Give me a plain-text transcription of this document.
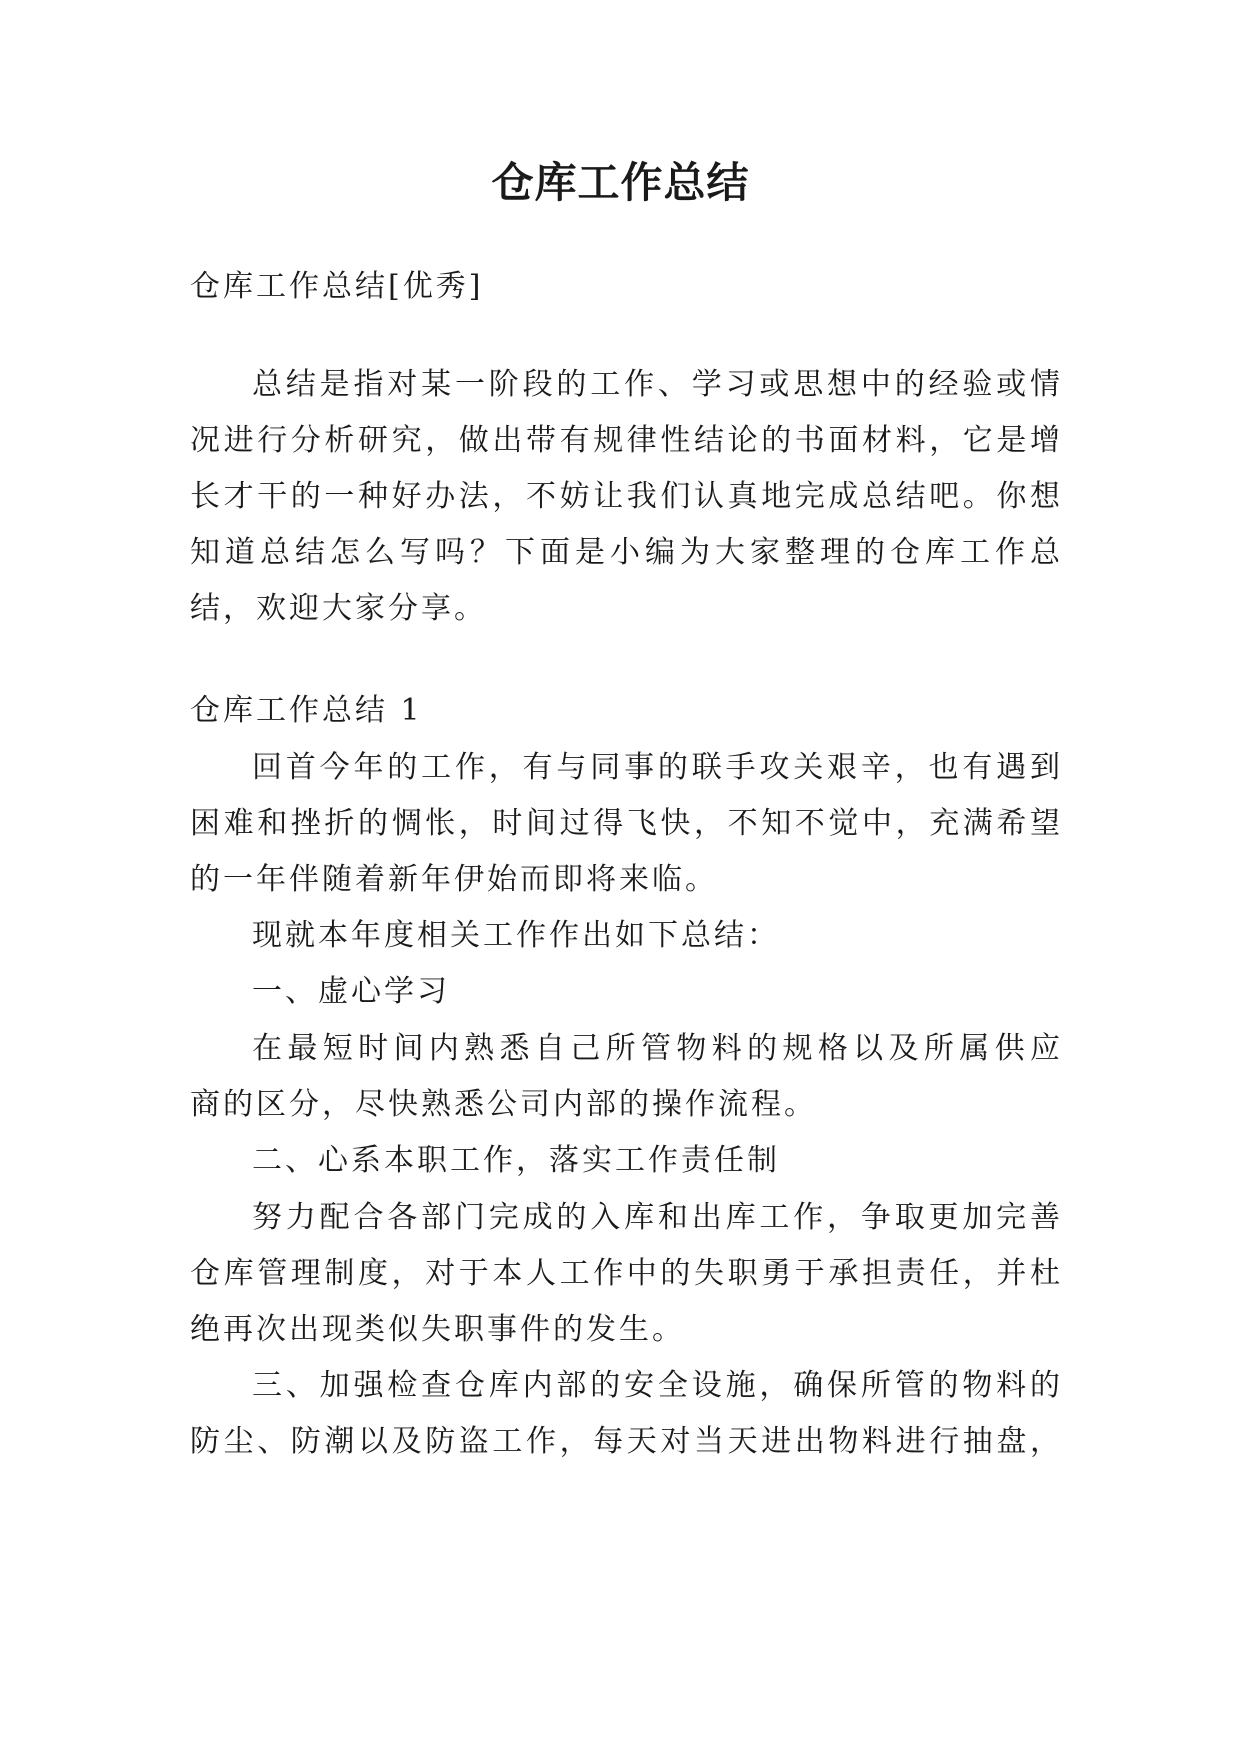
仓库工作总结

仓库工作总结[优秀]

总结是指对某一阶段的工作、学习或思想中的经验或情

况进行分析研究，做出带有规律性结论的书面材料，它是增

长才干的一种好办法，不妨让我们认真地完成总结吧。你想

知道总结怎么写吗？下面是小编为大家整理的仓库工作总

结，欢迎大家分享。

仓库工作总结 1

回首今年的工作，有与同事的联手攻关艰辛，也有遇到

困难和挫折的惆怅，时间过得飞快，不知不觉中，充满希望

的一年伴随着新年伊始而即将来临。

现就本年度相关工作作出如下总结：

一、虚心学习

在最短时间内熟悉自己所管物料的规格以及所属供应

商的区分，尽快熟悉公司内部的操作流程。

二、心系本职工作，落实工作责任制

努力配合各部门完成的入库和出库工作，争取更加完善

仓库管理制度，对于本人工作中的失职勇于承担责任，并杜

绝再次出现类似失职事件的发生。

三、加强检查仓库内部的安全设施，确保所管的物料的

防尘、防潮以及防盗工作，每天对当天进出物料进行抽盘，
